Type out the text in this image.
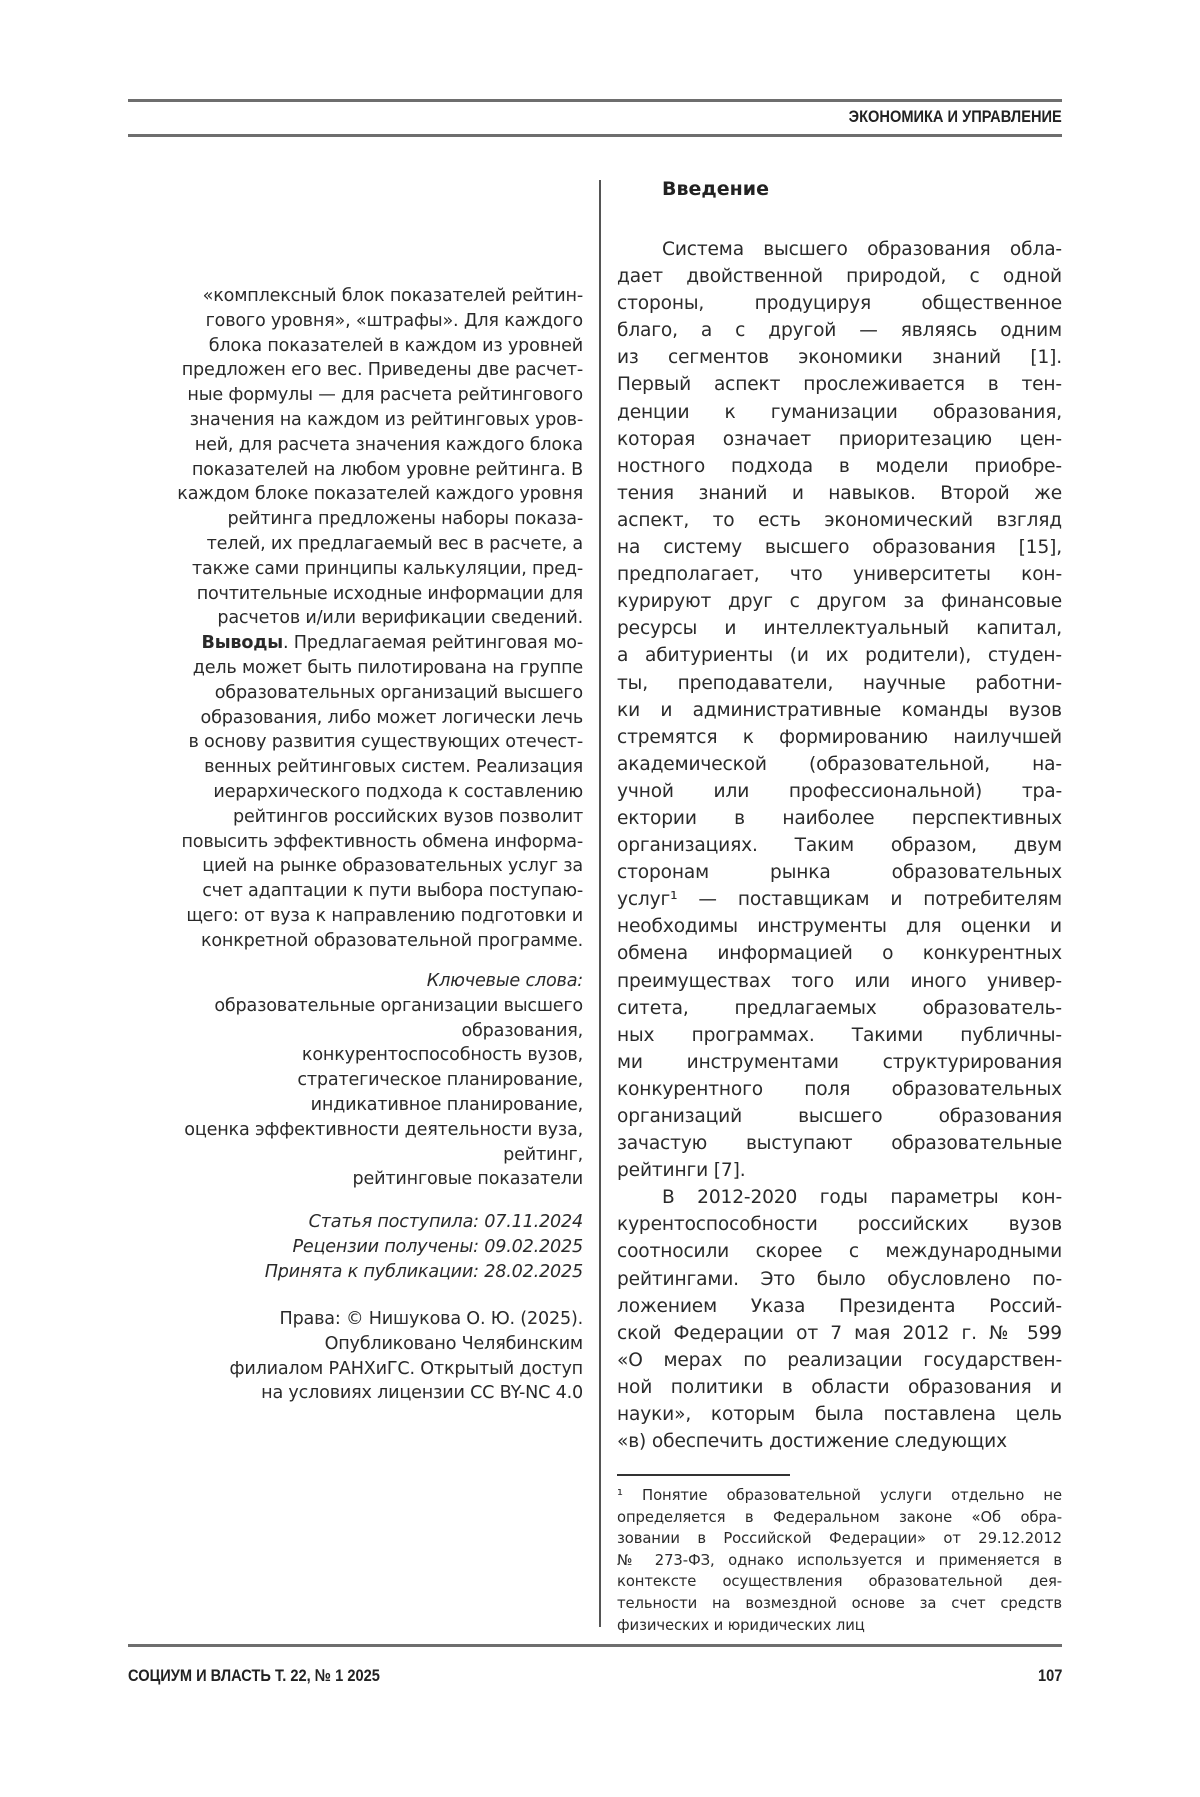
ЭКОНОМИКА И УПРАВЛЕНИЕ
«комплексный блок показателей рейтин-
гового уровня», «штрафы». Для каждого
блока показателей в каждом из уровней
предложен его вес. Приведены две расчет-
ные формулы — для расчета рейтингового
значения на каждом из рейтинговых уров-
ней, для расчета значения каждого блока
показателей на любом уровне рейтинга. В
каждом блоке показателей каждого уровня
рейтинга предложены наборы показа-
телей, их предлагаемый вес в расчете, а
также сами принципы калькуляции, пред-
почтительные исходные информации для
расчетов и/или верификации сведений.
Выводы. Предлагаемая рейтинговая мо-
дель может быть пилотирована на группе
образовательных организаций высшего
образования, либо может логически лечь
в основу развития существующих отечест-
венных рейтинговых систем. Реализация
иерархического подхода к составлению
рейтингов российских вузов позволит
повысить эффективность обмена информа-
цией на рынке образовательных услуг за
счет адаптации к пути выбора поступаю-
щего: от вуза к направлению подготовки и
конкретной образовательной программе.
Ключевые слова:
образовательные организации высшего
образования,
конкурентоспособность вузов,
стратегическое планирование,
индикативное планирование,
оценка эффективности деятельности вуза,
рейтинг,
рейтинговые показатели
Статья поступила: 07.11.2024
Рецензии получены: 09.02.2025
Принята к публикации: 28.02.2025
Права: © Нишукова О. Ю. (2025).
Опубликовано Челябинским
филиалом РАНХиГС. Открытый доступ
на условиях лицензии CC BY-NC 4.0
Введение
Система высшего образования обла-
дает двойственной природой, с одной
стороны, продуцируя общественное
благо, а с другой — являясь одним
из сегментов экономики знаний [1].
Первый аспект прослеживается в тен-
денции к гуманизации образования,
которая означает приоритезацию цен-
ностного подхода в модели приобре-
тения знаний и навыков. Второй же
аспект, то есть экономический взгляд
на систему высшего образования [15],
предполагает, что университеты кон-
курируют друг с другом за финансовые
ресурсы и интеллектуальный капитал,
а абитуриенты (и их родители), студен-
ты, преподаватели, научные работни-
ки и административные команды вузов
стремятся к формированию наилучшей
академической (образовательной, на-
учной или профессиональной) тра-
ектории в наиболее перспективных
организациях. Таким образом, двум
сторонам рынка образовательных
услуг¹ — поставщикам и потребителям
необходимы инструменты для оценки и
обмена информацией о конкурентных
преимуществах того или иного универ-
ситета, предлагаемых образователь-
ных программах. Такими публичны-
ми инструментами структурирования
конкурентного поля образовательных
организаций высшего образования
зачастую выступают образовательные
рейтинги [7].
В 2012-2020 годы параметры кон-
курентоспособности российских вузов
соотносили скорее с международными
рейтингами. Это было обусловлено по-
ложением Указа Президента Россий-
ской Федерации от 7 мая 2012 г. № 599
«О мерах по реализации государствен-
ной политики в области образования и
науки», которым была поставлена цель
«в) обеспечить достижение следующих
¹ Понятие образовательной услуги отдельно не
определяется в Федеральном законе «Об обра-
зовании в Российской Федерации» от 29.12.2012
№ 273-ФЗ, однако используется и применяется в
контексте осуществления образовательной дея-
тельности на возмездной основе за счет средств
физических и юридических лиц
СОЦИУМ И ВЛАСТЬ Т. 22, № 1 2025	107
